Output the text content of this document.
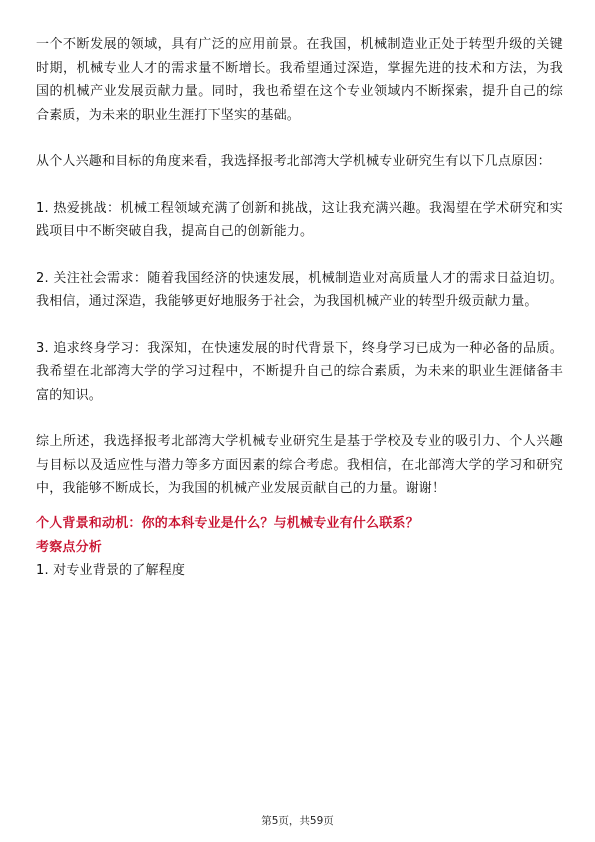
一个不断发展的领域，具有广泛的应用前景。在我国，机械制造业正处于转型升级的关键时期，机械专业人才的需求量不断增长。我希望通过深造，掌握先进的技术和方法，为我国的机械产业发展贡献力量。同时，我也希望在这个专业领域内不断探索，提升自己的综合素质，为未来的职业生涯打下坚实的基础。

从个人兴趣和目标的角度来看，我选择报考北部湾大学机械专业研究生有以下几点原因：

1. 热爱挑战：机械工程领域充满了创新和挑战，这让我充满兴趣。我渴望在学术研究和实践项目中不断突破自我，提高自己的创新能力。

2. 关注社会需求：随着我国经济的快速发展，机械制造业对高质量人才的需求日益迫切。我相信，通过深造，我能够更好地服务于社会，为我国机械产业的转型升级贡献力量。

3. 追求终身学习：我深知，在快速发展的时代背景下，终身学习已成为一种必备的品质。我希望在北部湾大学的学习过程中，不断提升自己的综合素质，为未来的职业生涯储备丰富的知识。

综上所述，我选择报考北部湾大学机械专业研究生是基于学校及专业的吸引力、个人兴趣与目标以及适应性与潜力等多方面因素的综合考虑。我相信，在北部湾大学的学习和研究中，我能够不断成长，为我国的机械产业发展贡献自己的力量。谢谢！

个人背景和动机：你的本科专业是什么？与机械专业有什么联系？

考察点分析

1. 对专业背景的了解程度

第5页，共59页
